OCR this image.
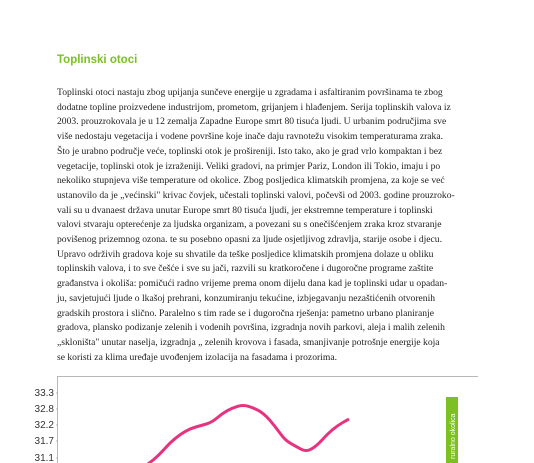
Toplinski otoci
Toplinski otoci nastaju zbog upijanja sunčeve energije u zgradama i asfaltiranim površinama te zbog
dodatne topline proizvedene industrijom, prometom, grijanjem i hlađenjem. Serija toplinskih valova iz
2003. prouzrokovala je u 12 zemalja Zapadne Europe smrt 80 tisuća ljudi. U urbanim područjima sve
više nedostaju vegetacija i vodene površine koje inače daju ravnotežu visokim temperaturama zraka.
Što je urabno područje veće, toplinski otok je prošireniji. Isto tako, ako je grad vrlo kompaktan i bez
vegetacije, toplinski otok je izraženiji. Veliki gradovi, na primjer Pariz, London ili Tokio, imaju i po
nekoliko stupnjeva više temperature od okolice. Zbog posljedica klimatskih promjena, za koje se već
ustanovilo da je „većinski" krivac čovjek, učestali toplinski valovi, počevši od 2003. godine prouzroko-
vali su u dvanaest država unutar Europe smrt 80 tisuća ljudi, jer ekstremne temperature i toplinski
valovi stvaraju opterećenje za ljudska organizam, a povezani su s onečišćenjem zraka kroz stvaranje
povišenog prizemnog ozona. te su posebno opasni za ljude osjetljivog zdravlja, starije osobe i djecu.
Upravo održivih gradova koje su shvatile da teške posljedice klimatskih promjena dolaze u obliku
toplinskih valova, i to sve češće i sve su jači, razvili su kratkoročene i dugoročne programe zaštite
građanstva i okoliša: pomičući radno vrijeme prema onom dijelu dana kad je toplinski udar u opadan-
ju, savjetujući ljude o lkašoj prehrani, konzumiranju tekućine, izbjegavanju nezaštićenih otvorenih
gradskih prostora i slično. Paralelno s tim rade se i dugoročna rješenja: pametno urbano planiranje
gradova, plansko podizanje zelenih i vodenih površina, izgradnja novih parkovi, aleja i malih zelenih
„skloništa" unutar naselja, izgradnja „ zelenih krovova i fasada, smanjivanje potrošnje energije koja
se koristi za klima uređaje uvođenjem izolacija na fasadama i prozorima.
33.3
32.8
32.2
31.7
31.1	ruralno okolica
